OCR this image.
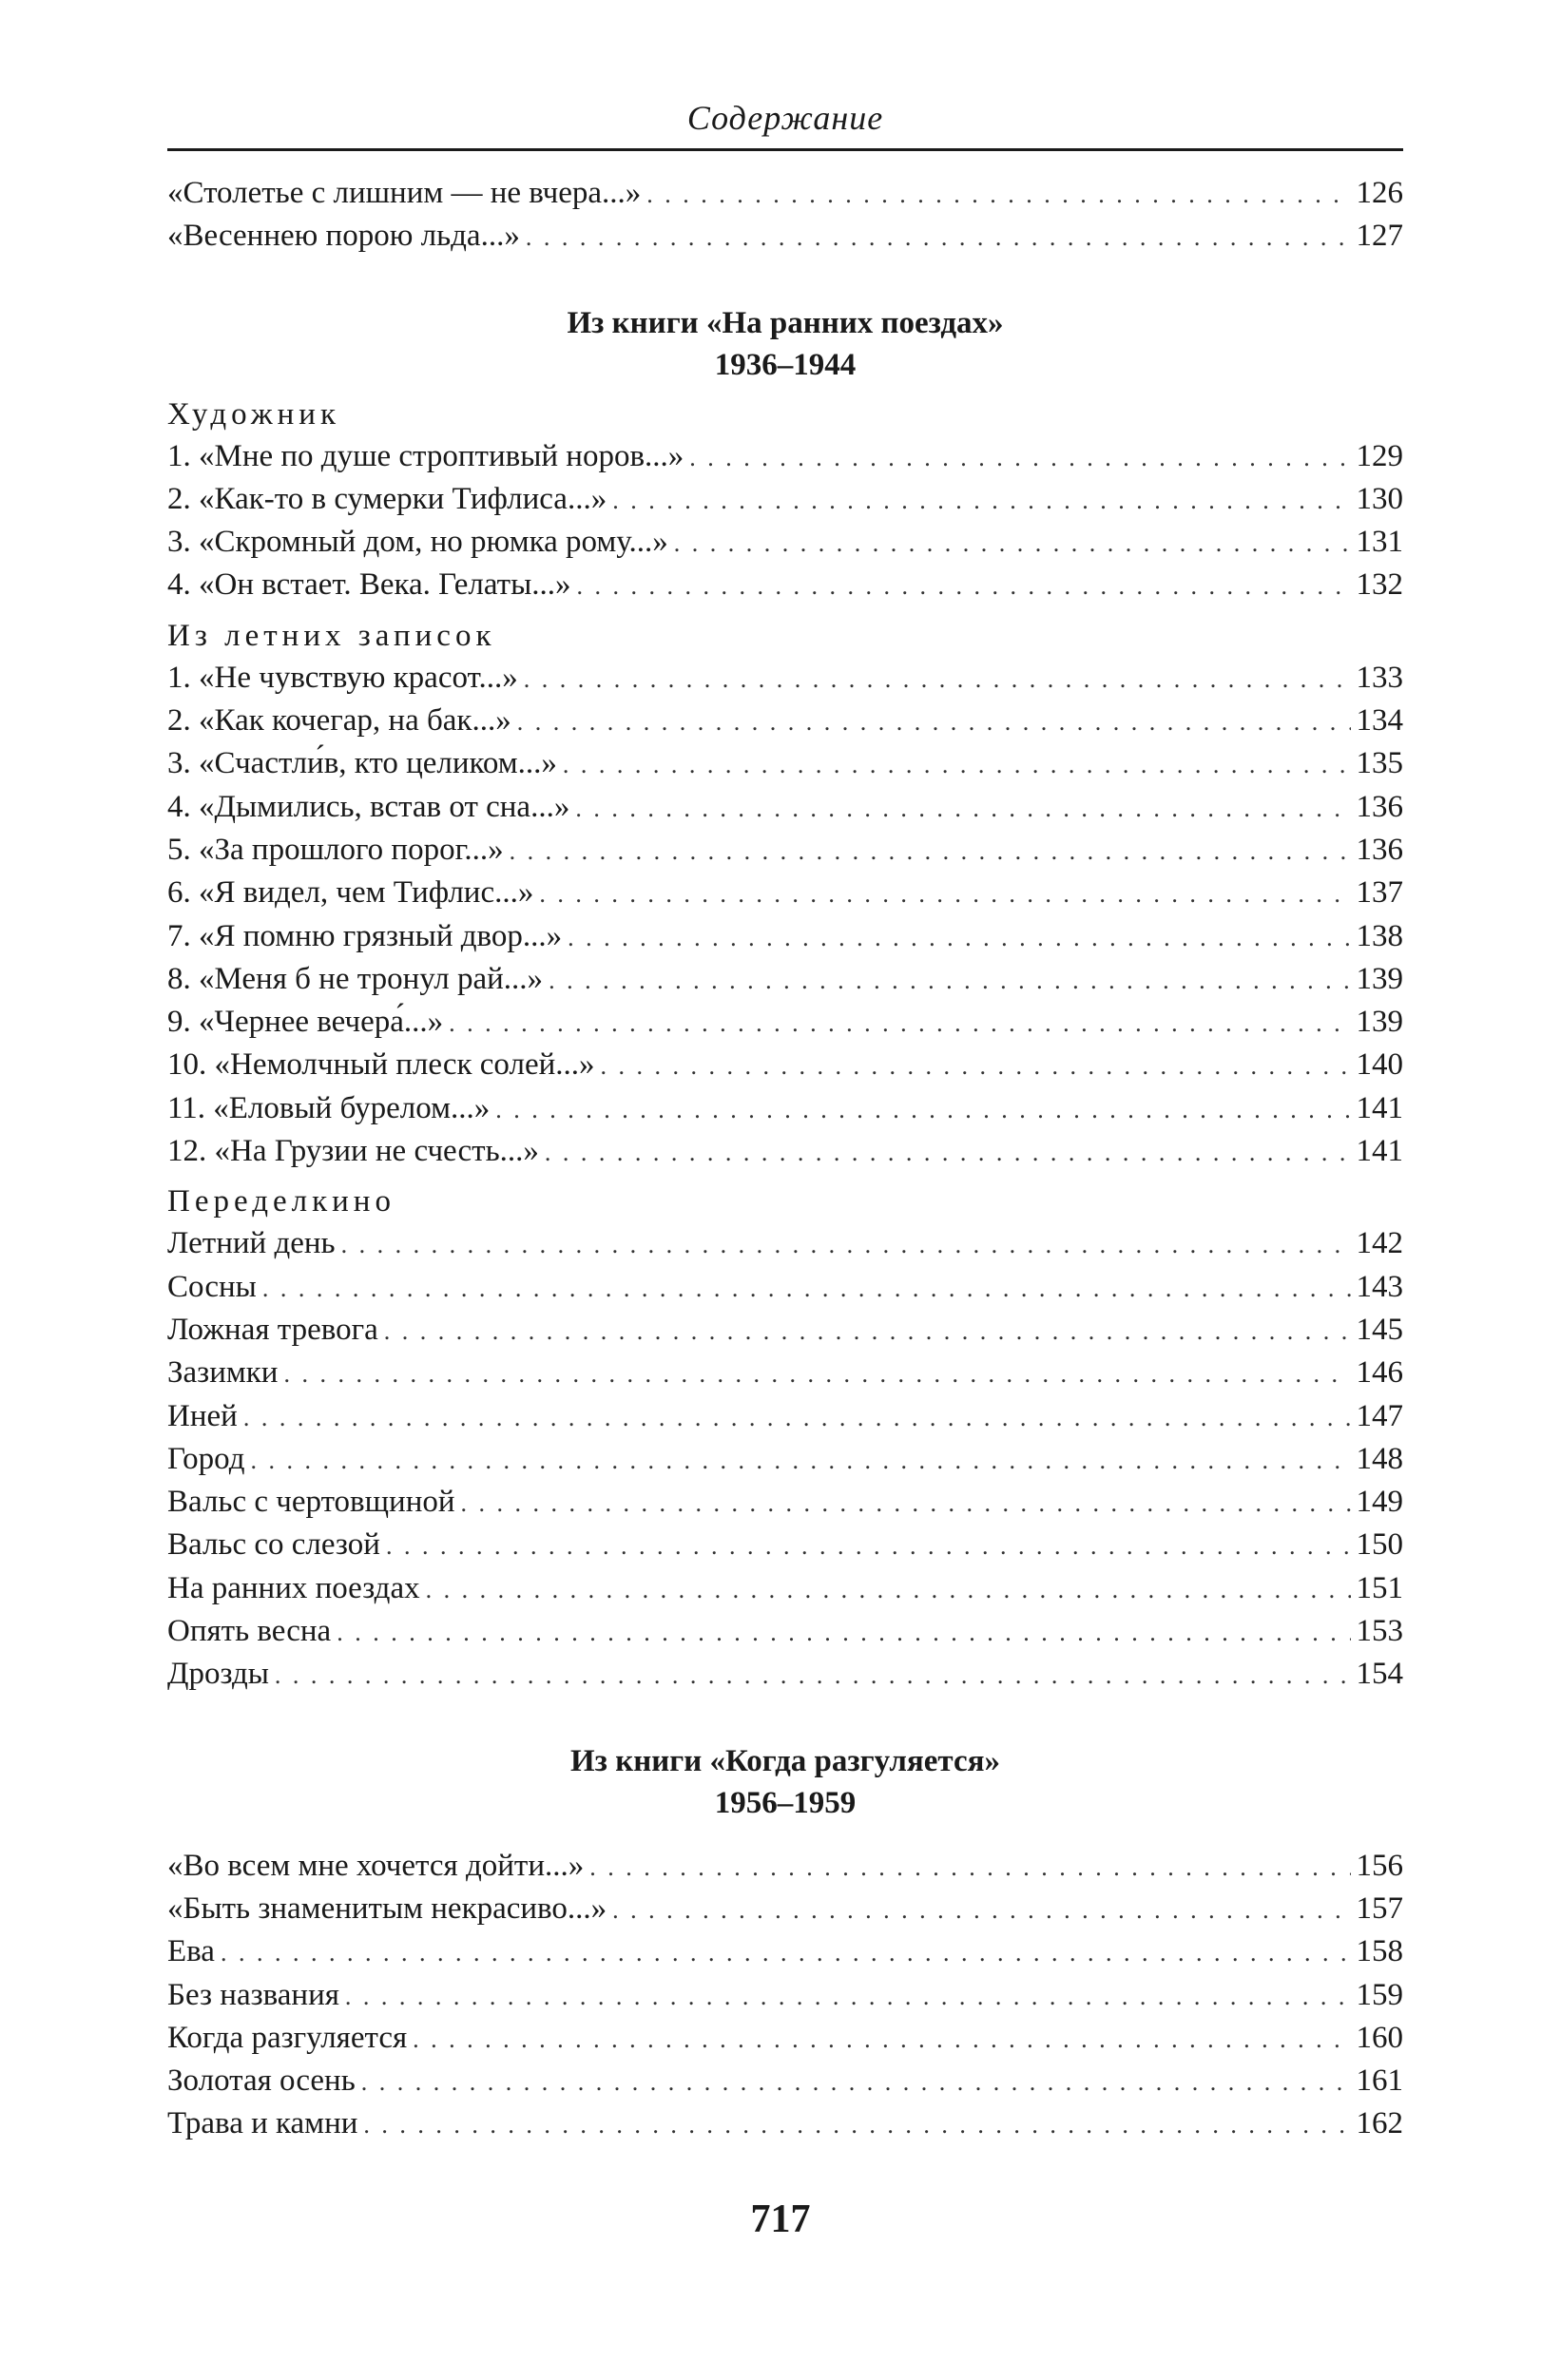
Содержание
«Столетье с лишним — не вчера...» . . .	126
«Весеннею порою льда...» . . .	127
Из книги «На ранних поездах»
1936–1944
Художник
1. «Мне по душе строптивый норов...» . . .	129
2. «Как-то в сумерки Тифлиса...» . . .	130
3. «Скромный дом, но рюмка рому...» . . .	131
4. «Он встает. Века. Гелаты...» . . .	132
Из летних записок
1. «Не чувствую красот...» . . .	133
2. «Как кочегар, на бак...» . . .	134
3. «Счастли́в, кто целиком...» . . .	135
4. «Дымились, встав от сна...» . . .	136
5. «За прошлого порог...» . . .	136
6. «Я видел, чем Тифлис...» . . .	137
7. «Я помню грязный двор...» . . .	138
8. «Меня б не тронул рай...» . . .	139
9. «Чернее вечера́...» . . .	139
10. «Немолчный плеск солей...» . . .	140
11. «Еловый бурелом...» . . .	141
12. «На Грузии не счесть...» . . .	141
Переделкино
Летний день . . .	142
Сосны . . .	143
Ложная тревога . . .	145
Зазимки . . .	146
Иней . . .	147
Город . . .	148
Вальс с чертовщиной . . .	149
Вальс со слезой . . .	150
На ранних поездах . . .	151
Опять весна . . .	153
Дрозды . . .	154
Из книги «Когда разгуляется»
1956–1959
«Во всем мне хочется дойти...» . . .	156
«Быть знаменитым некрасиво...» . . .	157
Ева . . .	158
Без названия . . .	159
Когда разгуляется . . .	160
Золотая осень . . .	161
Трава и камни . . .	162
717
